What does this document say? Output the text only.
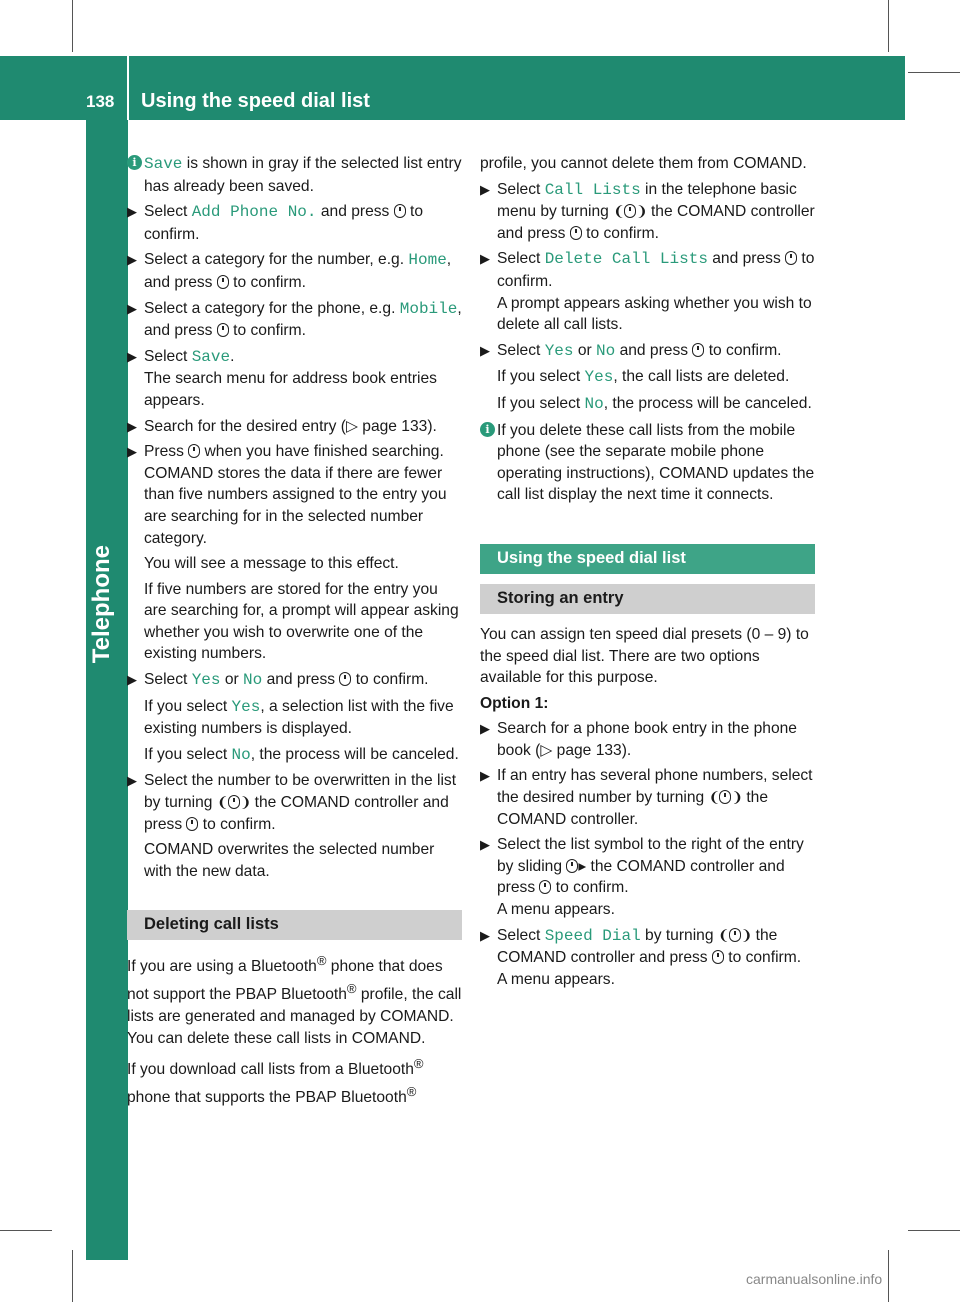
138	Using the speed dial list
Telephone
i Save is shown in gray if the selected list entry has already been saved.
▶ Select Add Phone No. and press  to confirm.
▶ Select a category for the number, e.g. Home, and press  to confirm.
▶ Select a category for the phone, e.g. Mobile, and press  to confirm.
▶ Select Save.
The search menu for address book entries appears.

▶ Search for the desired entry (▷ page 133).
▶ Press  when you have finished searching.
COMAND stores the data if there are fewer than five numbers assigned to the entry you are searching for in the selected number category.

You will see a message to this effect.

If five numbers are stored for the entry you are searching for, a prompt will appear asking whether you wish to overwrite one of the existing numbers.

▶ Select Yes or No and press  to confirm.

If you select Yes, a selection list with the five existing numbers is displayed.

If you select No, the process will be canceled.

▶ Select the number to be overwritten in the list by turning ❨ ❩ the COMAND controller and press  to confirm.

COMAND overwrites the selected number with the new data.

Deleting call lists

If you are using a Bluetooth® phone that does not support the PBAP Bluetooth® profile, the call lists are generated and managed by COMAND. You can delete these call lists in COMAND.

If you download call lists from a Bluetooth® phone that supports the PBAP Bluetooth®

profile, you cannot delete them from COMAND.

▶ Select Call Lists in the telephone basic menu by turning ❨ ❩ the COMAND controller and press  to confirm.
▶ Select Delete Call Lists and press  to confirm.
A prompt appears asking whether you wish to delete all call lists.

▶ Select Yes or No and press  to confirm.

If you select Yes, the call lists are deleted.

If you select No, the process will be canceled.

i If you delete these call lists from the mobile phone (see the separate mobile phone operating instructions), COMAND updates the call list display the next time it connects.
Using the speed dial list
Storing an entry

You can assign ten speed dial presets (0 – 9) to the speed dial list. There are two options available for this purpose.

Option 1:

▶ Search for a phone book entry in the phone book (▷ page 133).
▶ If an entry has several phone numbers, select the desired number by turning ❨ ❩ the COMAND controller.
▶ Select the list symbol to the right of the entry by sliding ▸ the COMAND controller and press  to confirm.
A menu appears.

▶ Select Speed Dial by turning ❨ ❩ the COMAND controller and press  to confirm.
A menu appears.

carmanualsonline.info
